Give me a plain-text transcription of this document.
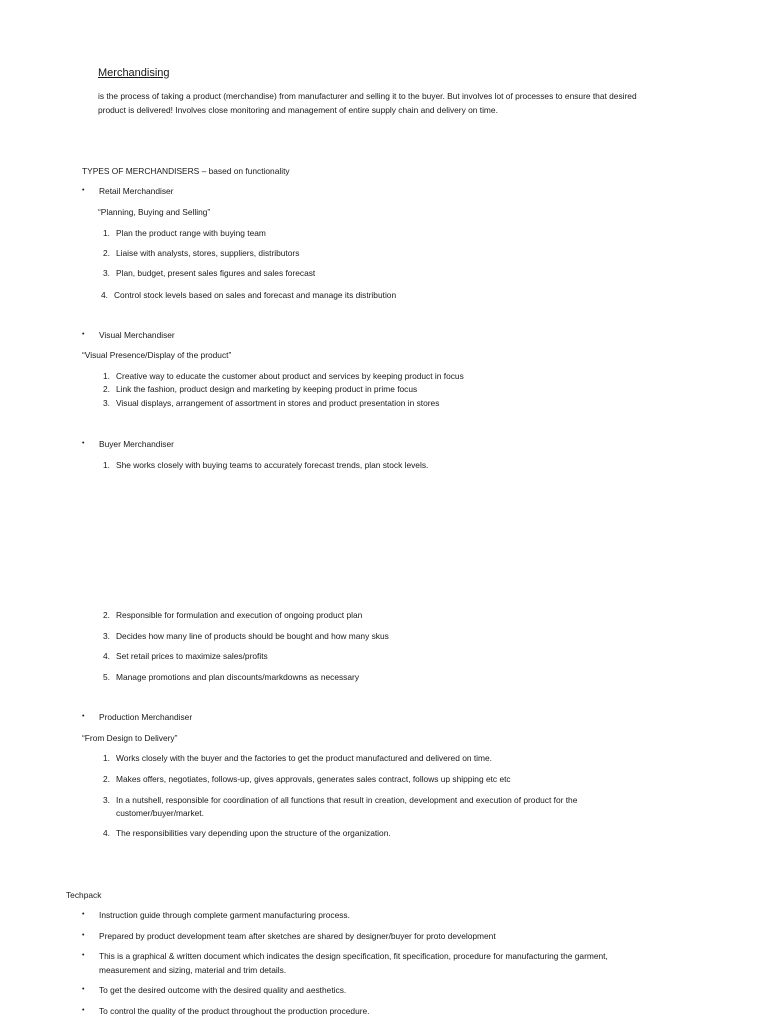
Merchandising
is the process of taking a product (merchandise) from manufacturer and selling it to the buyer. But involves lot of processes to ensure that desired
product is delivered! Involves close monitoring and management of entire supply chain and delivery on time.
TYPES OF MERCHANDISERS – based on functionality
• Retail Merchandiser
“Planning, Buying and Selling”
1. Plan the product range with buying team
2. Liaise with analysts, stores, suppliers, distributors
3. Plan, budget, present sales figures and sales forecast
4. Control stock levels based on sales and forecast and manage its distribution
• Visual Merchandiser
“Visual Presence/Display of the product”
1. Creative way to educate the customer about product and services by keeping product in focus
2. Link the fashion, product design and marketing by keeping product in prime focus
3. Visual displays, arrangement of assortment in stores and product presentation in stores
• Buyer Merchandiser
1. She works closely with buying teams to accurately forecast trends, plan stock levels.
2. Responsible for formulation and execution of ongoing product plan
3. Decides how many line of products should be bought and how many skus
4. Set retail prices to maximize sales/profits
5. Manage promotions and plan discounts/markdowns as necessary
• Production Merchandiser
“From Design to Delivery”
1. Works closely with the buyer and the factories to get the product manufactured and delivered on time.
2. Makes offers, negotiates, follows-up, gives approvals, generates sales contract, follows up shipping etc etc
3. In a nutshell, responsible for coordination of all functions that result in creation, development and execution of product for the
customer/buyer/market.
4. The responsibilities vary depending upon the structure of the organization.
Techpack
• Instruction guide through complete garment manufacturing process.
• Prepared by product development team after sketches are shared by designer/buyer for proto development
• This is a graphical & written document which indicates the design specification, fit specification, procedure for manufacturing the garment,
measurement and sizing, material and trim details.
• To get the desired outcome with the desired quality and aesthetics.
• To control the quality of the product throughout the production procedure.
